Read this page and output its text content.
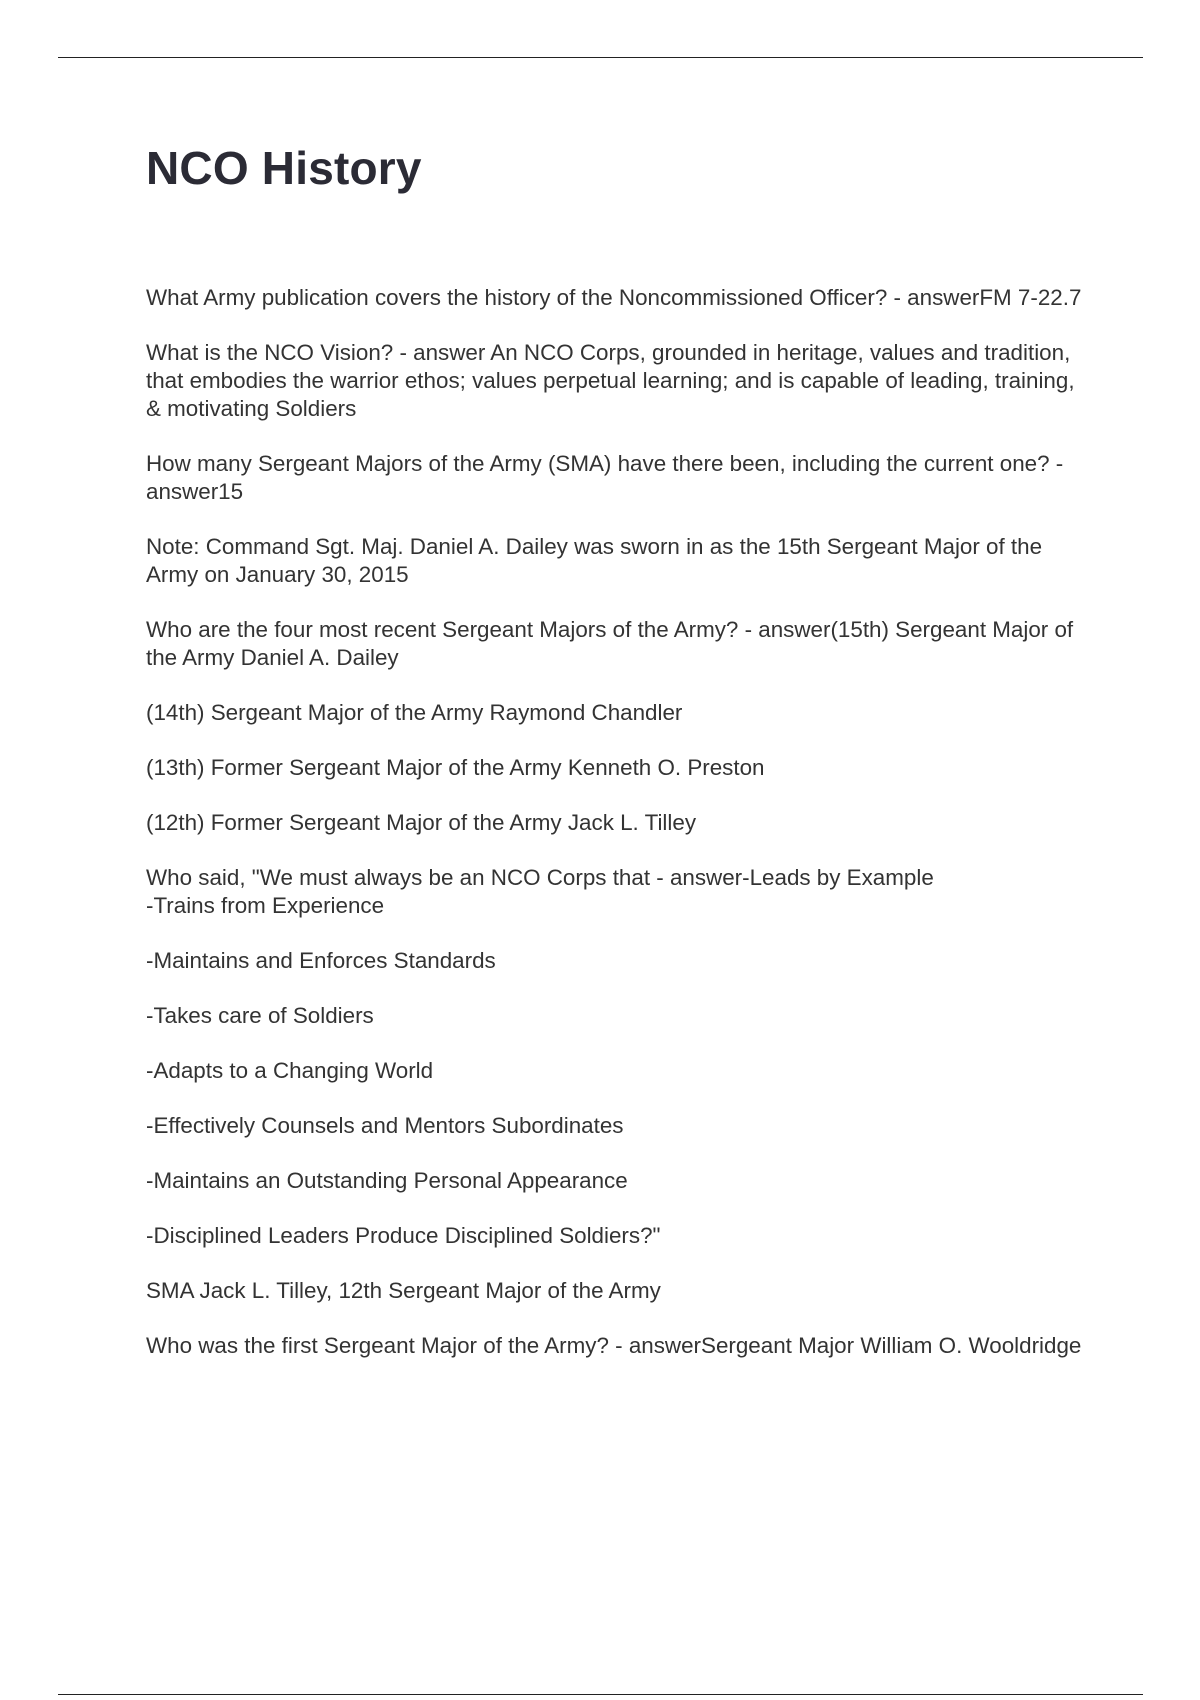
NCO History

What Army publication covers the history of the Noncommissioned Officer? - answerFM 7-22.7

What is the NCO Vision? - answer An NCO Corps, grounded in heritage, values and tradition, that embodies the warrior ethos; values perpetual learning; and is capable of leading, training, & motivating Soldiers

How many Sergeant Majors of the Army (SMA) have there been, including the current one? - answer15

Note: Command Sgt. Maj. Daniel A. Dailey was sworn in as the 15th Sergeant Major of the Army on January 30, 2015

Who are the four most recent Sergeant Majors of the Army? - answer(15th) Sergeant Major of the Army Daniel A. Dailey

(14th) Sergeant Major of the Army Raymond Chandler

(13th) Former Sergeant Major of the Army Kenneth O. Preston

(12th) Former Sergeant Major of the Army Jack L. Tilley

Who said, "We must always be an NCO Corps that - answer-Leads by Example
-Trains from Experience

-Maintains and Enforces Standards

-Takes care of Soldiers

-Adapts to a Changing World

-Effectively Counsels and Mentors Subordinates

-Maintains an Outstanding Personal Appearance

-Disciplined Leaders Produce Disciplined Soldiers?"

SMA Jack L. Tilley, 12th Sergeant Major of the Army

Who was the first Sergeant Major of the Army? - answerSergeant Major William O. Wooldridge
